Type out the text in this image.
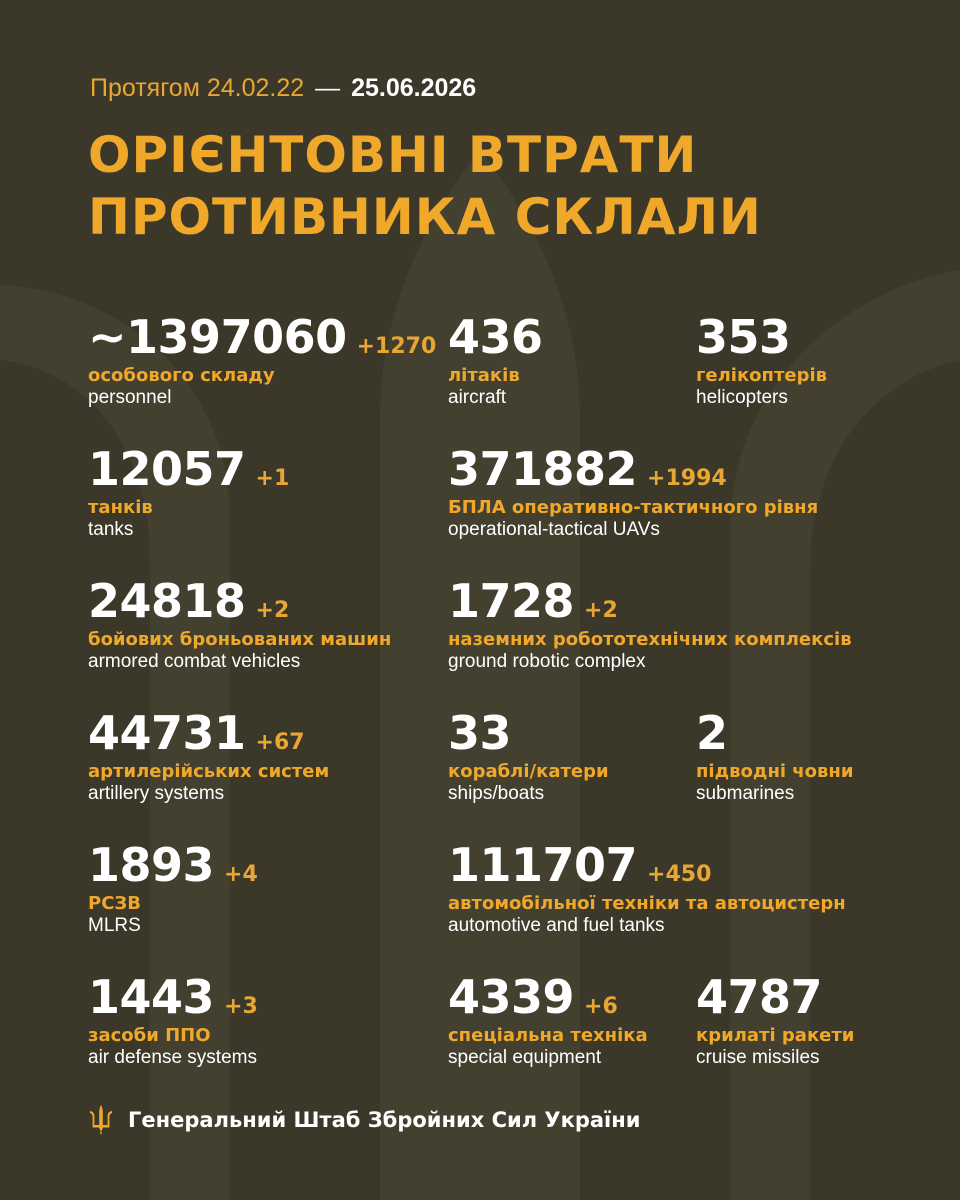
Протягом 24.02.22 — 25.06.2026
ОРІЄНТОВНІ ВТРАТИ
ПРОТИВНИКА СКЛАЛИ
~1397060 +1270
особового складу
personnel
436
літаків
aircraft
353
гелікоптерів
helicopters
12057 +1
танків
tanks
371882 +1994
БПЛА оперативно-тактичного рівня
operational-tactical UAVs
24818 +2
бойових броньованих машин
armored combat vehicles
1728 +2
наземних робототехнічних комплексів
ground robotic complex
44731 +67
артилерійських систем
artillery systems
33
кораблі/катери
ships/boats
2
підводні човни
submarines
1893 +4
РСЗВ
MLRS
111707 +450
автомобільної техніки та автоцистерн
automotive and fuel tanks
1443 +3
засоби ППО
air defense systems
4339 +6
спеціальна техніка
special equipment
4787
крилаті ракети
cruise missiles
Генеральний Штаб Збройних Сил України
